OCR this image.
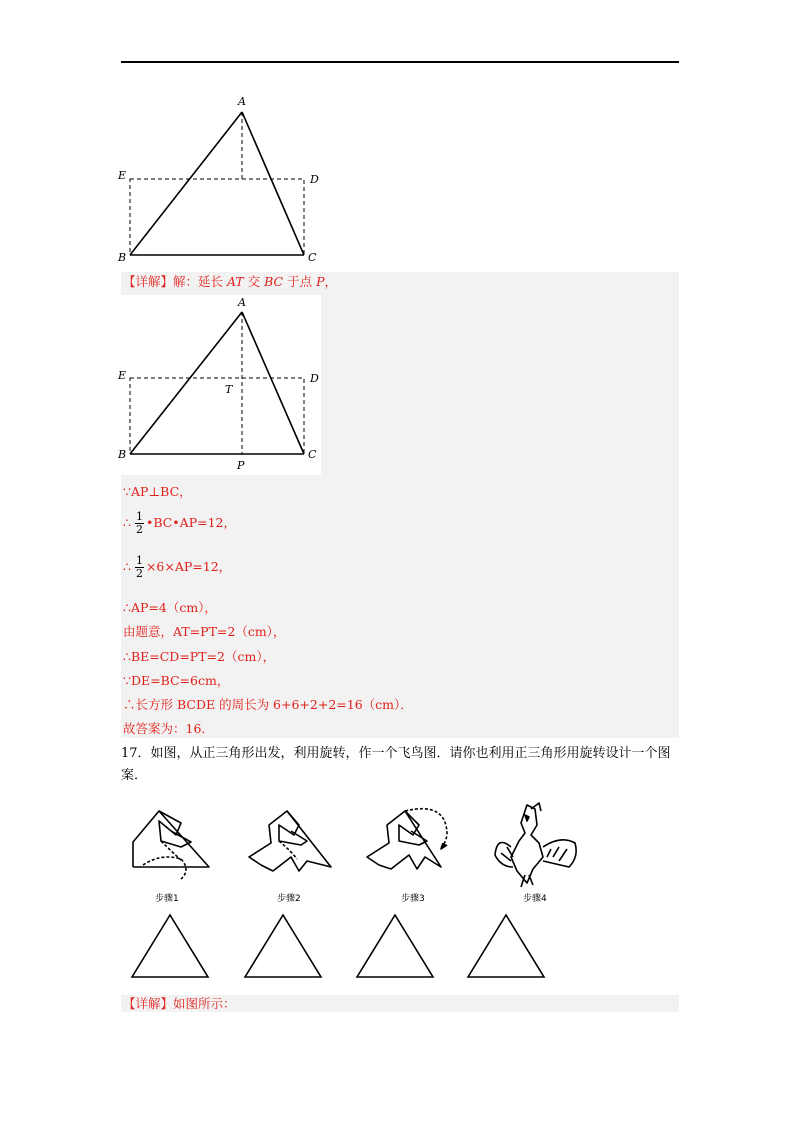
A
E	D
B	C
【详解】解：延长 AT 交 BC 于点 P，
A
E	D
T
B
P
C
∵AP⊥BC，
∴ $\frac{1}{2}$ •BC•AP=12，
∴ $\frac{1}{2} \times 6\times AP=12$，
∴AP=4（cm），
由题意，AT=PT=2（cm），
∴BE=CD=PT=2（cm），
∵DE=BC=6cm，
∴长方形 BCDE 的周长为 6+6+2+2=16（cm）．
故答案为：16．
17．如图，从正三角形出发，利用旋转，作一个飞鸟图．请你也利用正三角形用旋转设计一个图案．
步骤1	步骤2	步骤3	步骤4
【详解】如图所示：
